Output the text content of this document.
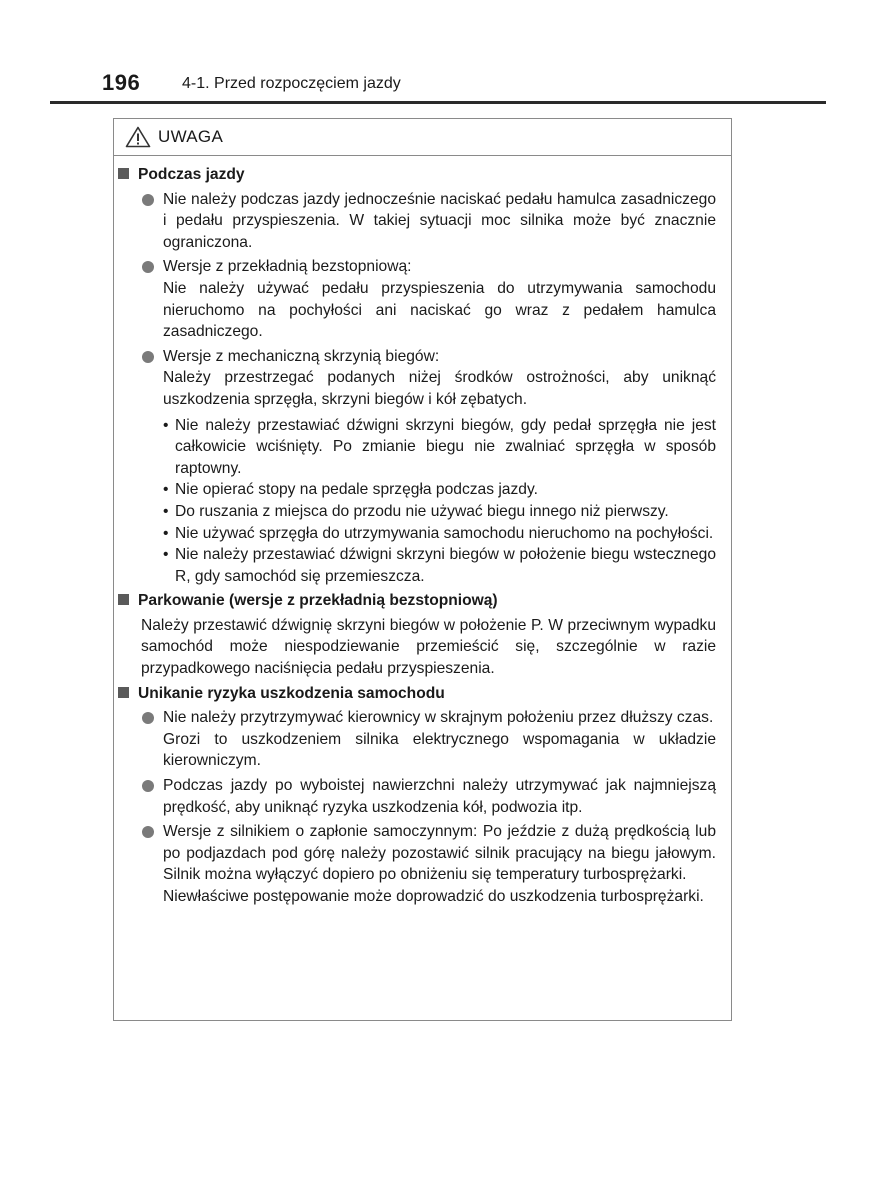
196	4-1. Przed rozpoczęciem jazdy
UWAGA
Podczas jazdy

Nie należy podczas jazdy jednocześnie naciskać pedału hamulca zasadniczego i pedału przyspieszenia. W takiej sytuacji moc silnika może być znacznie ograniczona.

Wersje z przekładnią bezstopniową:

Nie należy używać pedału przyspieszenia do utrzymywania samochodu nieruchomo na pochyłości ani naciskać go wraz z pedałem hamulca zasadniczego.

Wersje z mechaniczną skrzynią biegów:

Należy przestrzegać podanych niżej środków ostrożności, aby uniknąć uszkodzenia sprzęgła, skrzyni biegów i kół zębatych.

• Nie należy przestawiać dźwigni skrzyni biegów, gdy pedał sprzęgła nie jest całkowicie wciśnięty. Po zmianie biegu nie zwalniać sprzęgła w sposób raptowny.
• Nie opierać stopy na pedale sprzęgła podczas jazdy.
• Do ruszania z miejsca do przodu nie używać biegu innego niż pierwszy.
• Nie używać sprzęgła do utrzymywania samochodu nieruchomo na pochyłości.
• Nie należy przestawiać dźwigni skrzyni biegów w położenie biegu wstecznego R, gdy samochód się przemieszcza.
Parkowanie (wersje z przekładnią bezstopniową)

Należy przestawić dźwignię skrzyni biegów w położenie P. W przeciwnym wypadku samochód może niespodziewanie przemieścić się, szczególnie w razie przypadkowego naciśnięcia pedału przyspieszenia.

Unikanie ryzyka uszkodzenia samochodu

Nie należy przytrzymywać kierownicy w skrajnym położeniu przez dłuższy czas.

Grozi to uszkodzeniem silnika elektrycznego wspomagania w układzie kierowniczym.

Podczas jazdy po wyboistej nawierzchni należy utrzymywać jak najmniejszą prędkość, aby uniknąć ryzyka uszkodzenia kół, podwozia itp.

Wersje z silnikiem o zapłonie samoczynnym: Po jeździe z dużą prędkością lub po podjazdach pod górę należy pozostawić silnik pracujący na biegu jałowym. Silnik można wyłączyć dopiero po obniżeniu się temperatury turbosprężarki.

Niewłaściwe postępowanie może doprowadzić do uszkodzenia turbosprężarki.
